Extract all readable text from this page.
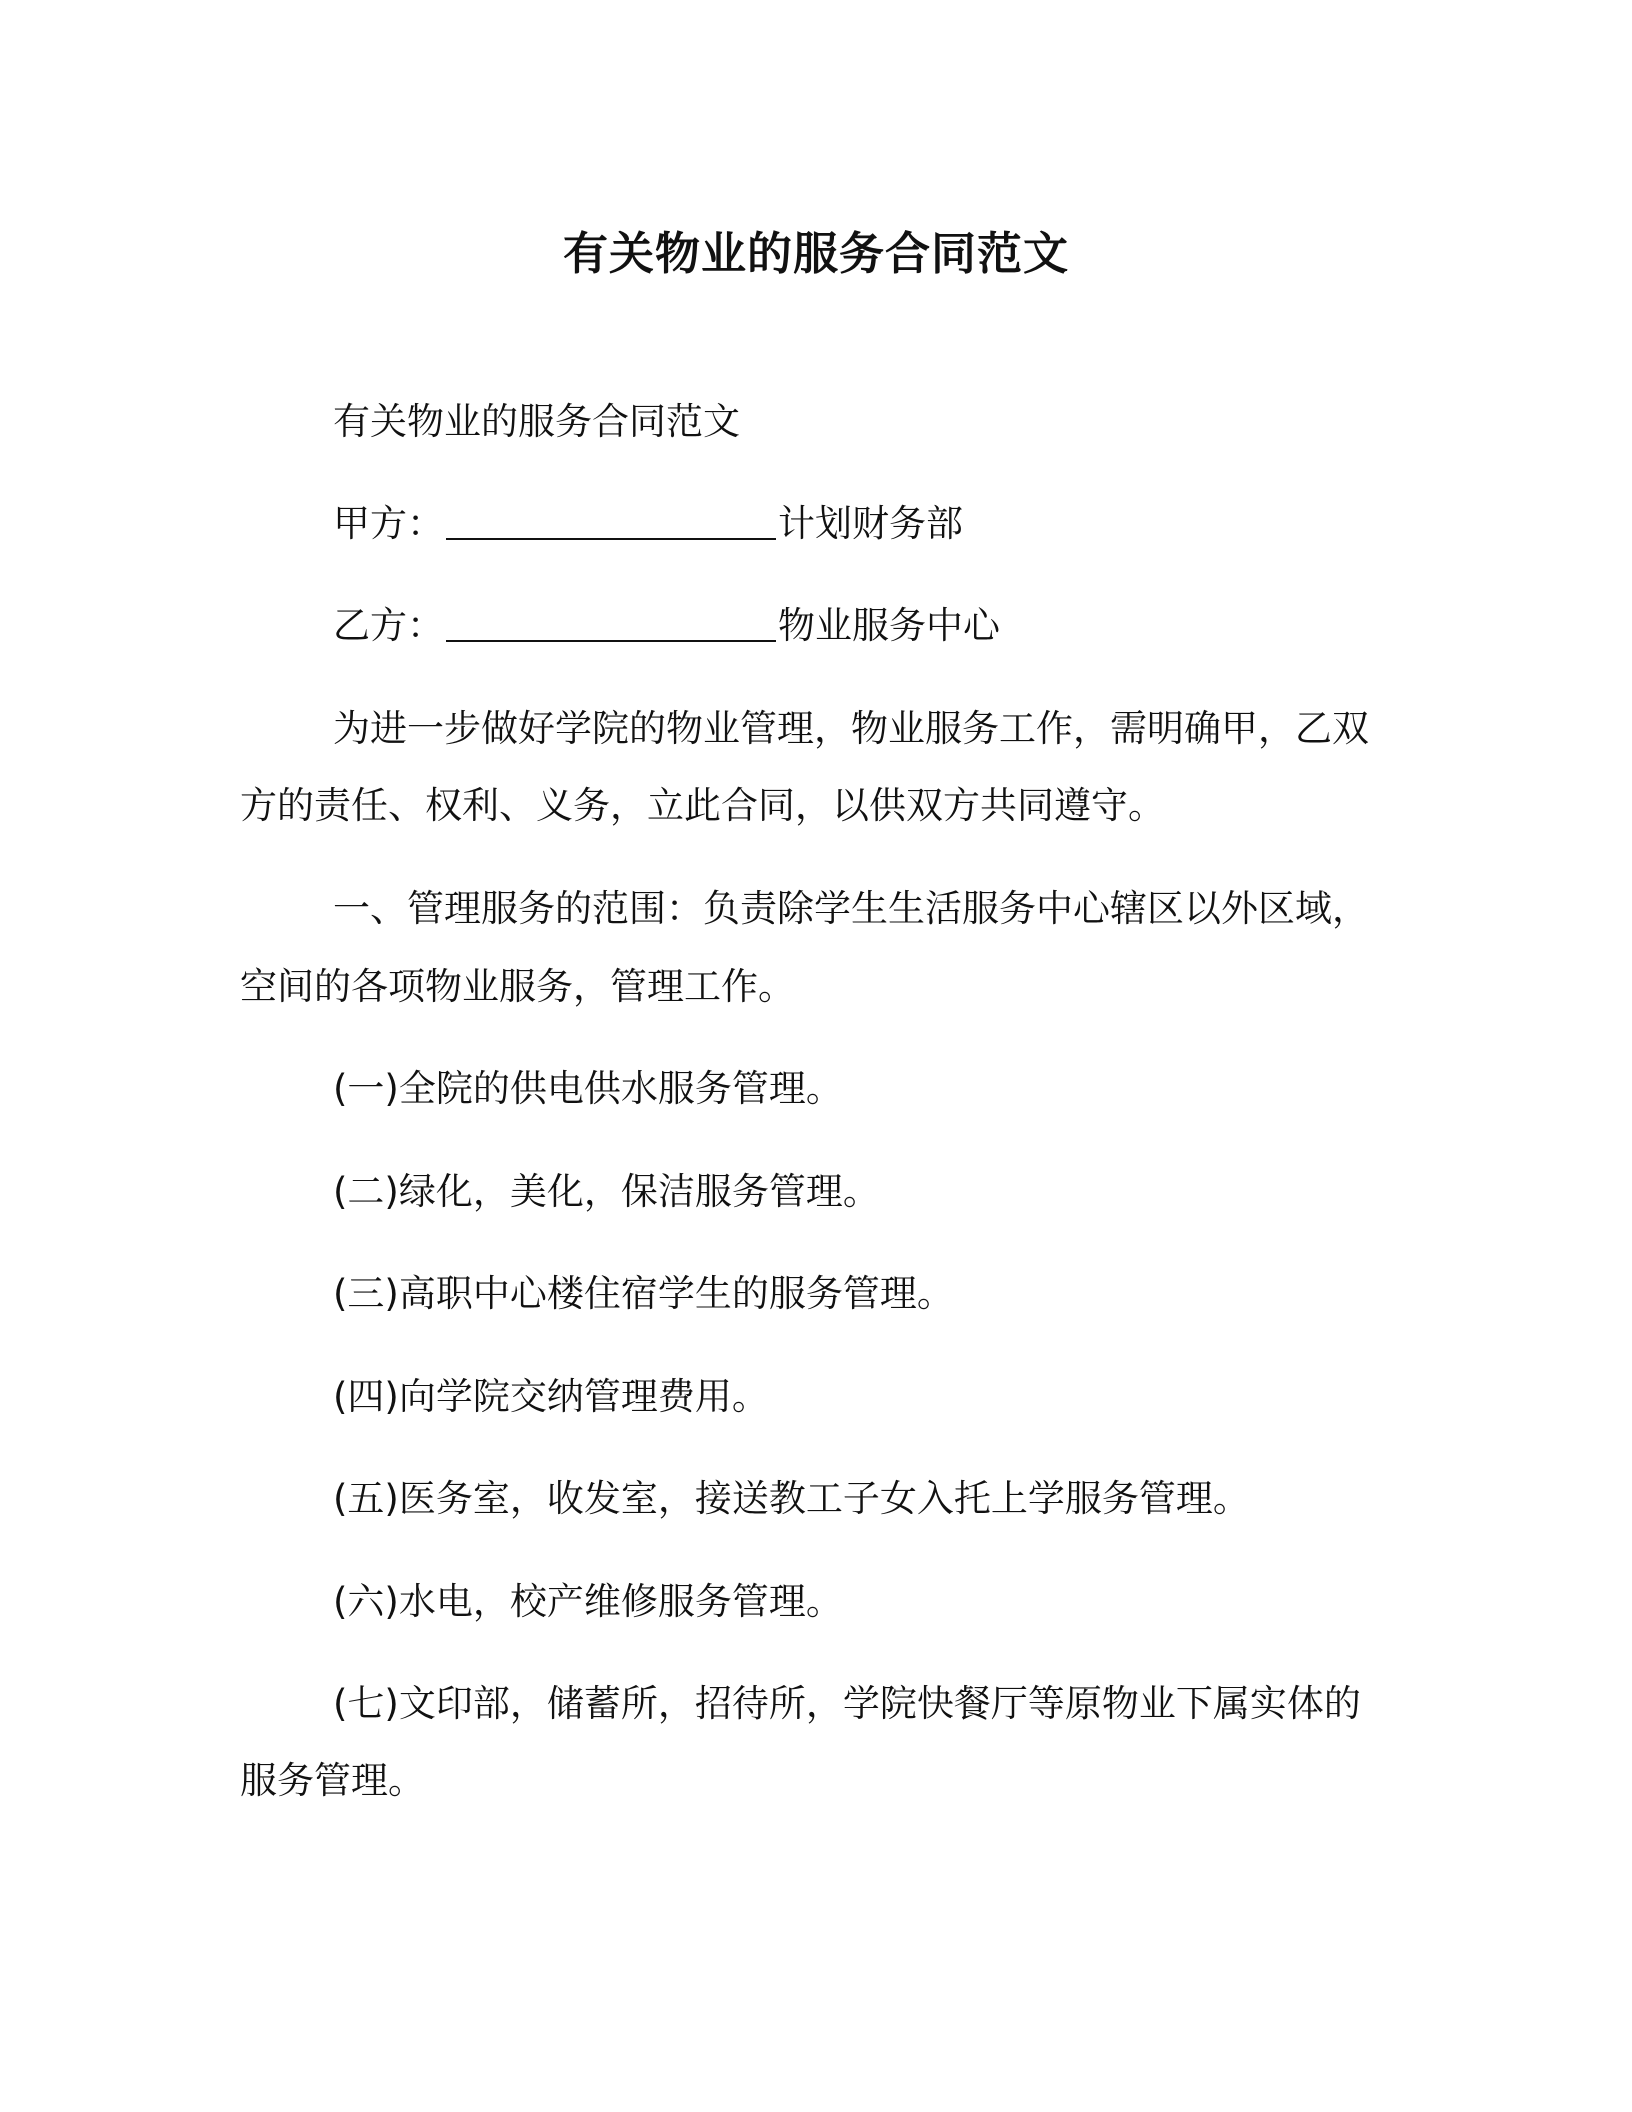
有关物业的服务合同范文
有关物业的服务合同范文
甲方：	计划财务部
乙方：	物业服务中心
为进一步做好学院的物业管理，物业服务工作，需明确甲，乙双
方的责任、权利、义务，立此合同，以供双方共同遵守。
一、管理服务的范围：负责除学生生活服务中心辖区以外区域，
空间的各项物业服务，管理工作。
(一)全院的供电供水服务管理。
(二)绿化，美化，保洁服务管理。
(三)高职中心楼住宿学生的服务管理。
(四)向学院交纳管理费用。
(五)医务室，收发室，接送教工子女入托上学服务管理。
(六)水电，校产维修服务管理。
(七)文印部，储蓄所，招待所，学院快餐厅等原物业下属实体的
服务管理。
